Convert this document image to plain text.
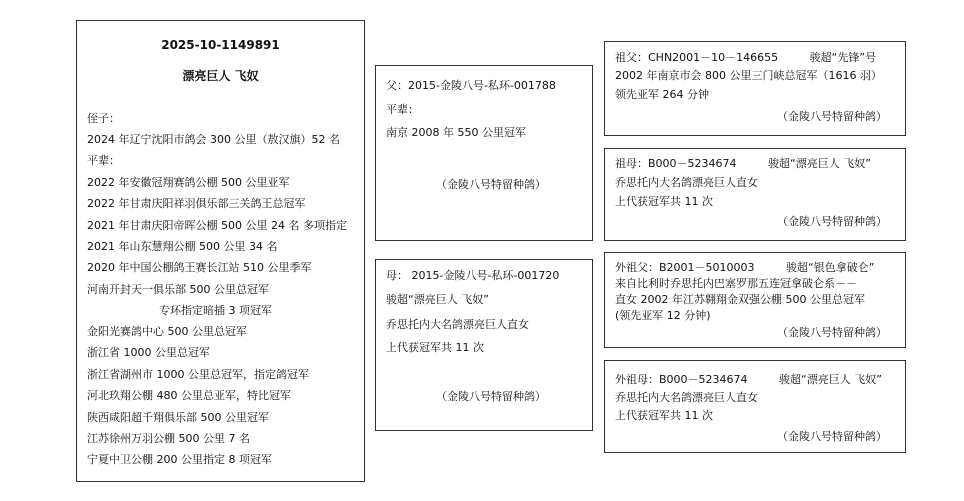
2025-10-1149891
漂亮巨人 飞奴
侄子：
2024 年辽宁沈阳市鸽会 300 公里（敖汉旗）52 名
平辈：
2022 年安徽冠翔赛鸽公棚 500 公里亚军
2022 年甘肃庆阳祥羽俱乐部三关鸽王总冠军
2021 年甘肃庆阳帝晖公棚 500 公里 24 名 多项指定
2021 年山东慧翔公棚 500 公里 34 名
2020 年中国公棚鸽王赛长江站 510 公里季军
河南开封天一俱乐部 500 公里总冠军
专环指定暗插 3 项冠军
金阳光赛鸽中心 500 公里总冠军
浙江省 1000 公里总冠军
浙江省湖州市 1000 公里总冠军，指定鸽冠军
河北玖翔公棚 480 公里总亚军，特比冠军
陕西咸阳超千翔俱乐部 500 公里冠军
江苏徐州万羽公棚 500 公里 7 名
宁夏中卫公棚 200 公里指定 8 项冠军
父：2015-金陵八号-私环-001788
平辈：
南京 2008 年 550 公里冠军
（金陵八号特留种鸽）
母： 2015-金陵八号-私环-001720
骏超“漂亮巨人 飞奴”
乔思托内大名鸽漂亮巨人直女
上代获冠军共 11 次
（金陵八号特留种鸽）
祖父：CHN2001－10－146655	骏超“先锋”号
2002 年南京市会 800 公里三门峡总冠军（1616 羽）
领先亚军 264 分钟
（金陵八号特留种鸽）
祖母：B000－5234674	骏超“漂亮巨人 飞奴”
乔思托内大名鸽漂亮巨人直女
上代获冠军共 11 次
（金陵八号特留种鸽）
外祖父：B2001－5010003	骏超“银色拿破仑”
来自比利时乔思托内巴塞罗那五连冠拿破仑系－－
直女 2002 年江苏翱翔金双强公棚 500 公里总冠军
(领先亚军 12 分钟)
（金陵八号特留种鸽）
外祖母：B000－5234674	骏超“漂亮巨人 飞奴”
乔思托内大名鸽漂亮巨人直女
上代获冠军共 11 次
（金陵八号特留种鸽）
